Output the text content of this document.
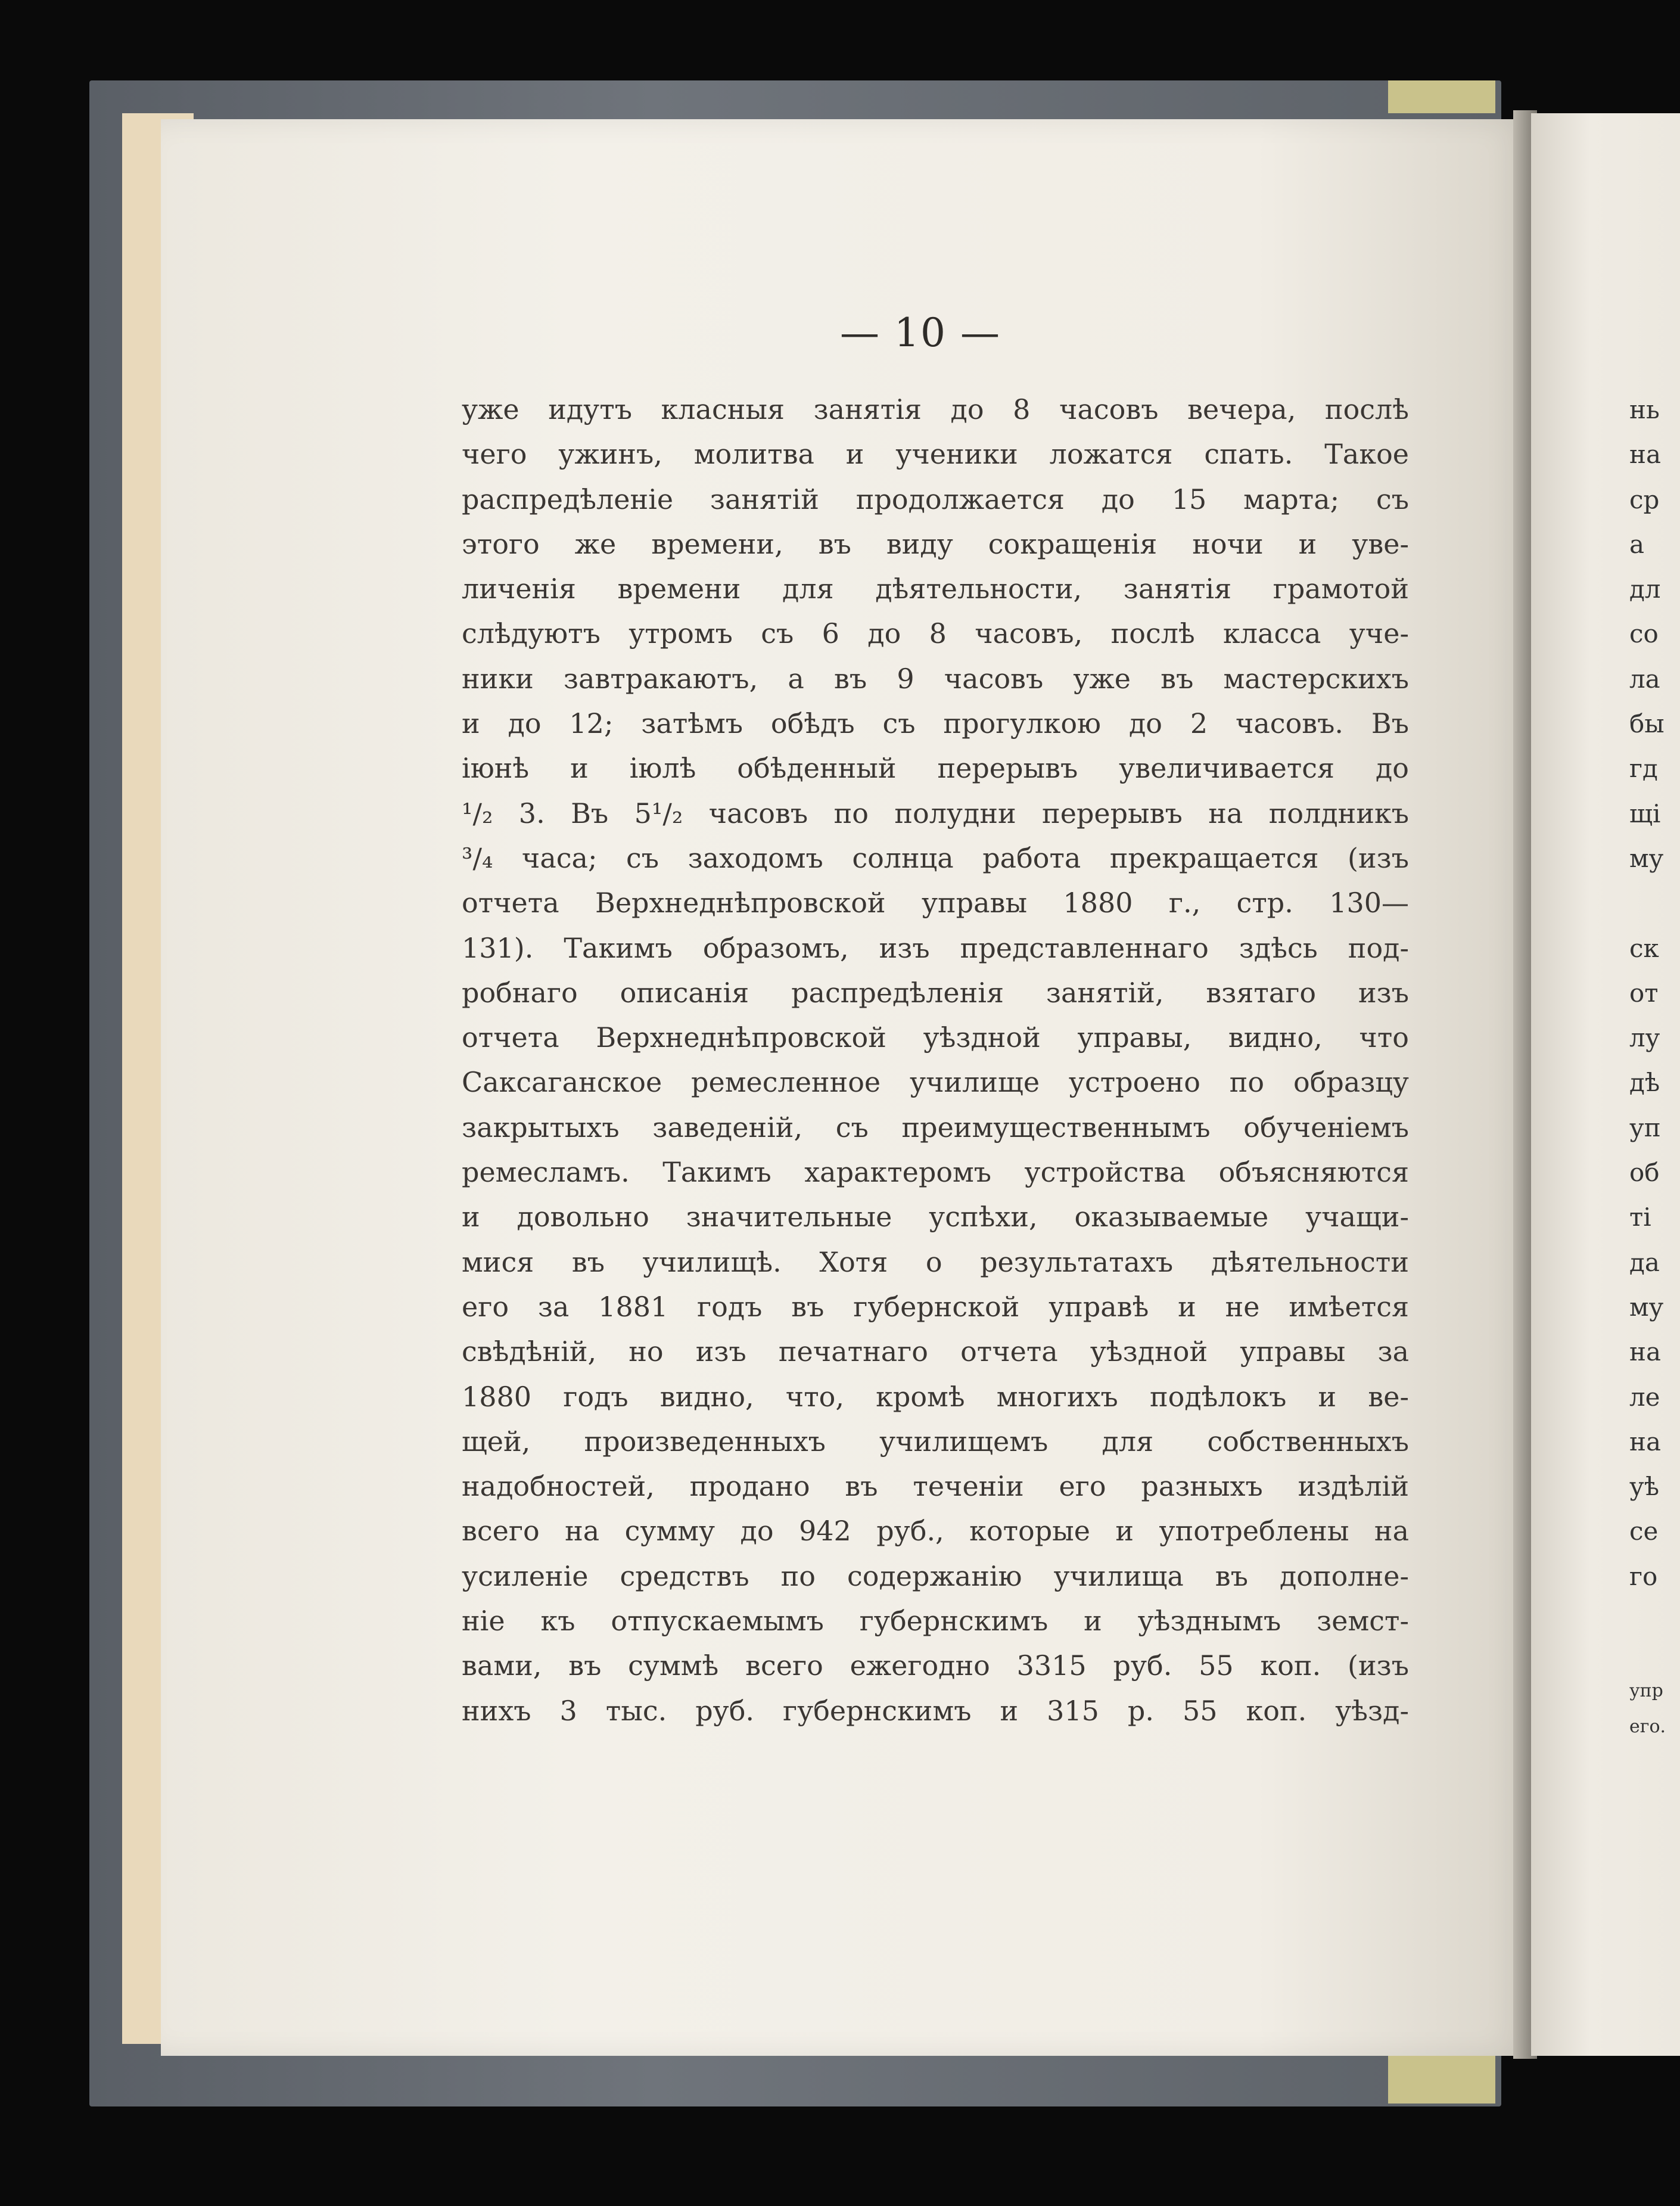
— 10 —
уже идутъ класныя занятія до 8 часовъ вечера, послѣ
чего ужинъ, молитва и ученики ложатся спать. Такое
распредѣленіе занятій продолжается до 15 марта; съ
этого же времени, въ виду сокращенія ночи и уве-
личенія времени для дѣятельности, занятія грамотой
слѣдуютъ утромъ съ 6 до 8 часовъ, послѣ класса уче-
ники завтракаютъ, а въ 9 часовъ уже въ мастерскихъ
и до 12; затѣмъ обѣдъ съ прогулкою до 2 часовъ. Въ
іюнѣ и іюлѣ обѣденный перерывъ увеличивается до
¹/₂ 3. Въ 5¹/₂ часовъ по полудни перерывъ на полдникъ
³/₄ часа; съ заходомъ солнца работа прекращается (изъ
отчета Верхнеднѣпровской управы 1880 г., стр. 130—
131). Такимъ образомъ, изъ представленнаго здѣсь под-
робнаго описанія распредѣленія занятій, взятаго изъ
отчета Верхнеднѣпровской уѣздной управы, видно, что
Саксаганское ремесленное училище устроено по образцу
закрытыхъ заведеній, съ преимущественнымъ обученіемъ
ремесламъ. Такимъ характеромъ устройства объясняются
и довольно значительные успѣхи, оказываемые учащи-
мися въ училищѣ. Хотя о результатахъ дѣятельности
его за 1881 годъ въ губернской управѣ и не имѣется
свѣдѣній, но изъ печатнаго отчета уѣздной управы за
1880 годъ видно, что, кромѣ многихъ подѣлокъ и ве-
щей, произведенныхъ училищемъ для собственныхъ
надобностей, продано въ теченіи его разныхъ издѣлій
всего на сумму до 942 руб., которые и употреблены на
усиленіе средствъ по содержанію училища въ дополне-
ніе къ отпускаемымъ губернскимъ и уѣзднымъ земст-
вами, въ суммѣ всего ежегодно 3315 руб. 55 коп. (изъ
нихъ 3 тыс. руб. губернскимъ и 315 р. 55 коп. уѣзд-
нь
на
ср
а
дл
со
ла
бы
гд
щі
му
ск
от
лу
дѣ
уп
об
ті
да
му
на
ле
на
уѣ
се
го
упр
его.
